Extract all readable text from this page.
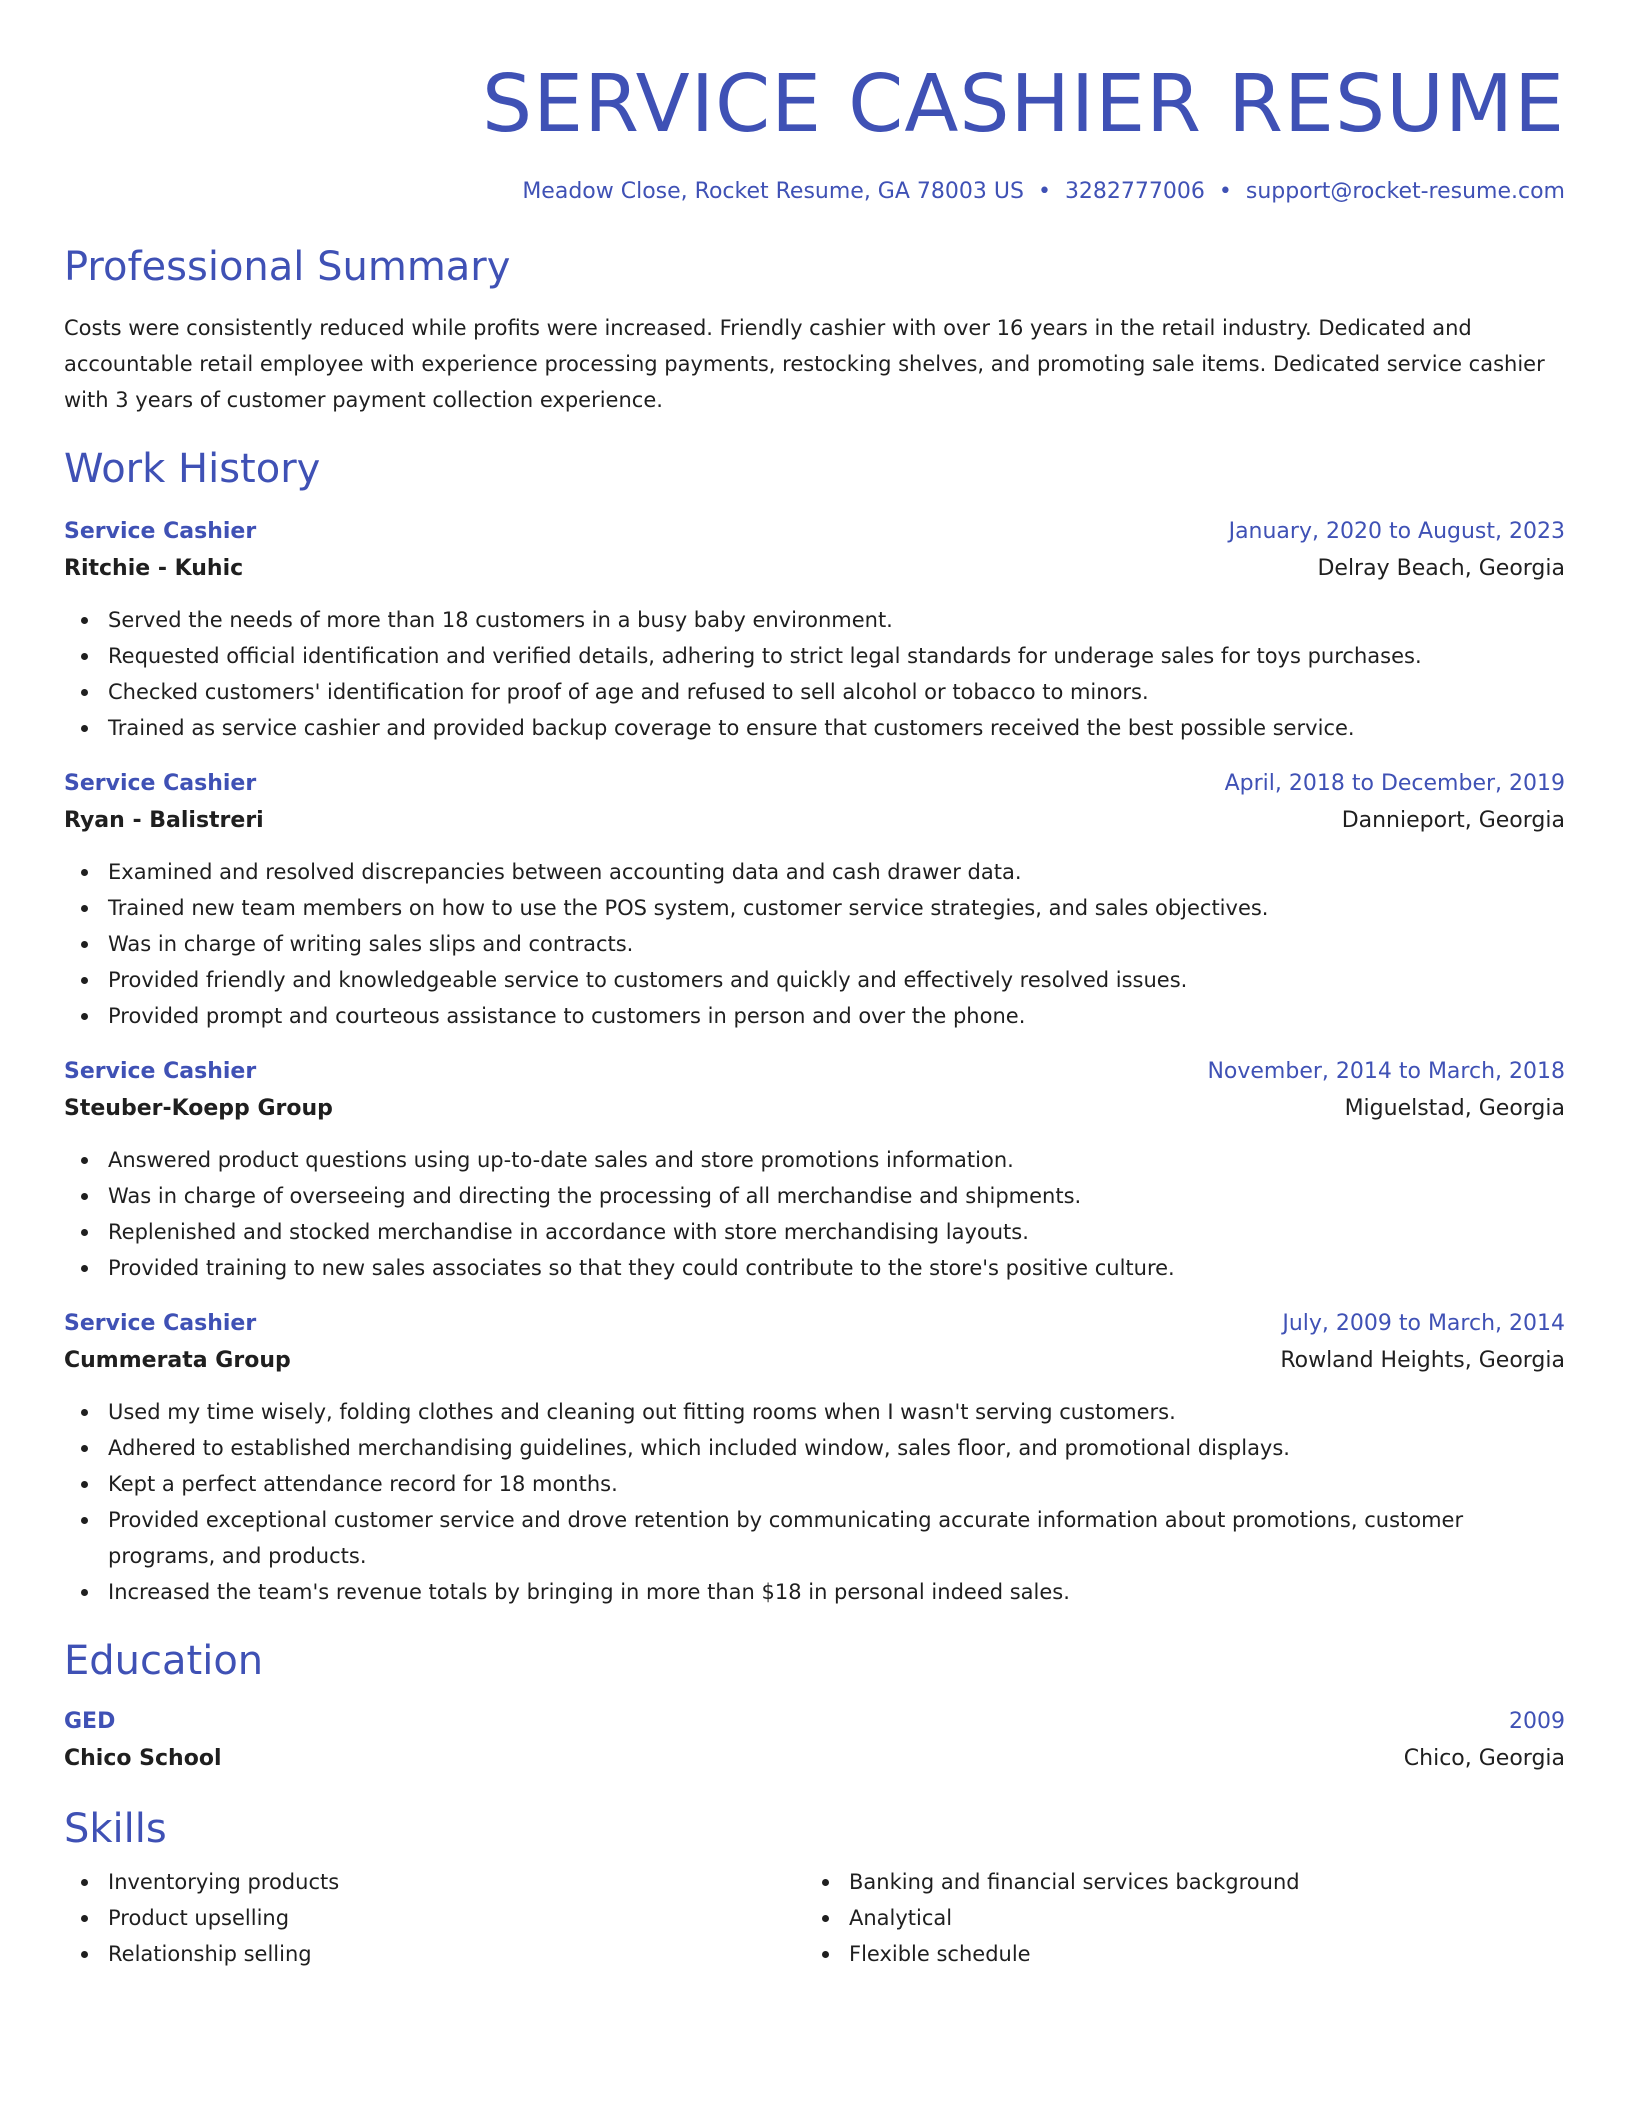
SERVICE CASHIER RESUME
Meadow Close, Rocket Resume, GA 78003 US • 3282777006 • support@rocket-resume.com
Professional Summary
Costs were consistently reduced while profits were increased. Friendly cashier with over 16 years in the retail industry. Dedicated and accountable retail employee with experience processing payments, restocking shelves, and promoting sale items. Dedicated service cashier with 3 years of customer payment collection experience.
Work History
Service Cashier	January, 2020 to August, 2023
Ritchie - Kuhic	Delray Beach, Georgia
Served the needs of more than 18 customers in a busy baby environment.
Requested official identification and verified details, adhering to strict legal standards for underage sales for toys purchases.
Checked customers' identification for proof of age and refused to sell alcohol or tobacco to minors.
Trained as service cashier and provided backup coverage to ensure that customers received the best possible service.
Service Cashier	April, 2018 to December, 2019
Ryan - Balistreri	Dannieport, Georgia
Examined and resolved discrepancies between accounting data and cash drawer data.
Trained new team members on how to use the POS system, customer service strategies, and sales objectives.
Was in charge of writing sales slips and contracts.
Provided friendly and knowledgeable service to customers and quickly and effectively resolved issues.
Provided prompt and courteous assistance to customers in person and over the phone.
Service Cashier	November, 2014 to March, 2018
Steuber-Koepp Group	Miguelstad, Georgia
Answered product questions using up-to-date sales and store promotions information.
Was in charge of overseeing and directing the processing of all merchandise and shipments.
Replenished and stocked merchandise in accordance with store merchandising layouts.
Provided training to new sales associates so that they could contribute to the store's positive culture.
Service Cashier	July, 2009 to March, 2014
Cummerata Group	Rowland Heights, Georgia
Used my time wisely, folding clothes and cleaning out fitting rooms when I wasn't serving customers.
Adhered to established merchandising guidelines, which included window, sales floor, and promotional displays.
Kept a perfect attendance record for 18 months.
Provided exceptional customer service and drove retention by communicating accurate information about promotions, customer programs, and products.
Increased the team's revenue totals by bringing in more than $18 in personal indeed sales.
Education
GED	2009
Chico School	Chico, Georgia
Skills
Inventorying products
Product upselling
Relationship selling
Banking and financial services background
Analytical
Flexible schedule
